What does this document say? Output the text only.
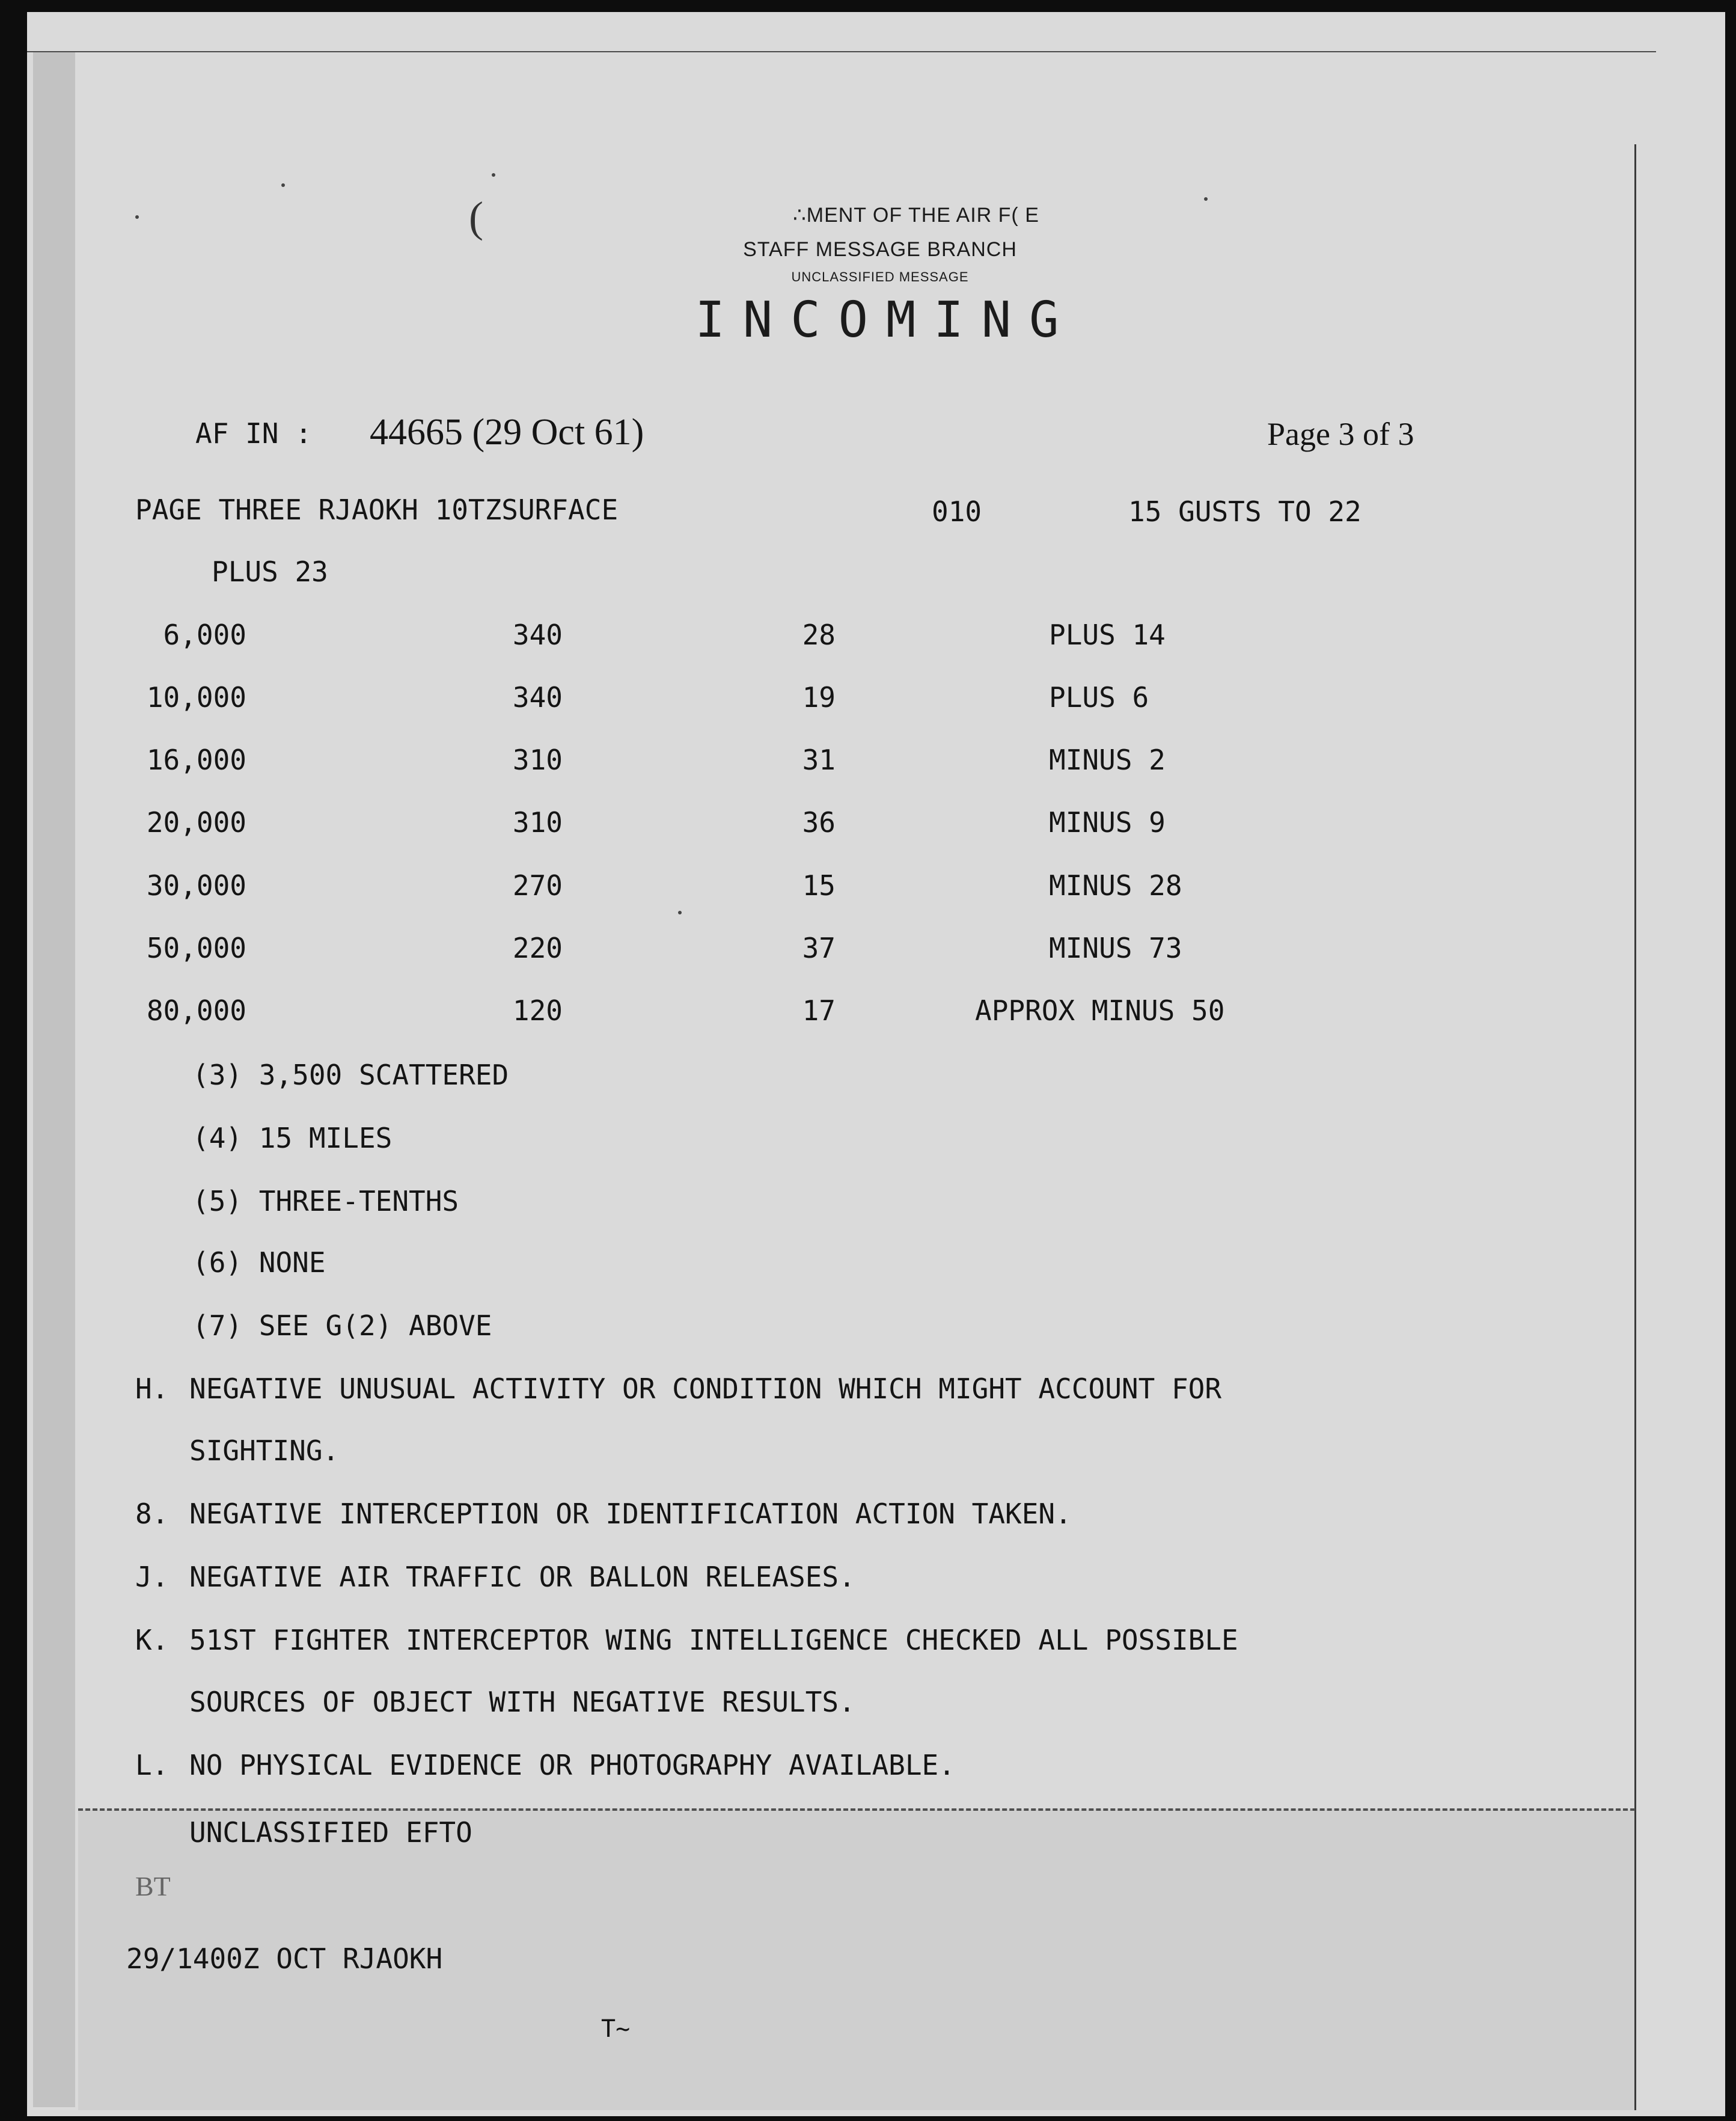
(	∴MENT OF THE AIR F( E
STAFF MESSAGE BRANCH
UNCLASSIFIED MESSAGE
INCOMING
AF IN : 44665 (29 Oct 61)	Page 3 of 3
PAGE THREE RJAOKH 10TZSURFACE	010	15 GUSTS TO 22
PLUS 23
6,000	340	28	PLUS 14
10,000	340	19	PLUS 6
16,000	310	31	MINUS 2
20,000	310	36	MINUS 9
30,000	270	15	MINUS 28
50,000	220	37	MINUS 73
80,000	120	17	APPROX MINUS 50
(3) 3,500 SCATTERED
(4) 15 MILES
(5) THREE-TENTHS
(6) NONE
(7) SEE G(2) ABOVE
H. NEGATIVE UNUSUAL ACTIVITY OR CONDITION WHICH MIGHT ACCOUNT FOR
SIGHTING.
8. NEGATIVE INTERCEPTION OR IDENTIFICATION ACTION TAKEN.
J. NEGATIVE AIR TRAFFIC OR BALLON RELEASES.
K. 51ST FIGHTER INTERCEPTOR WING INTELLIGENCE CHECKED ALL POSSIBLE
SOURCES OF OBJECT WITH NEGATIVE RESULTS.
L. NO PHYSICAL EVIDENCE OR PHOTOGRAPHY AVAILABLE.
UNCLASSIFIED EFTO
BT
29/1400Z OCT RJAOKH
T~
